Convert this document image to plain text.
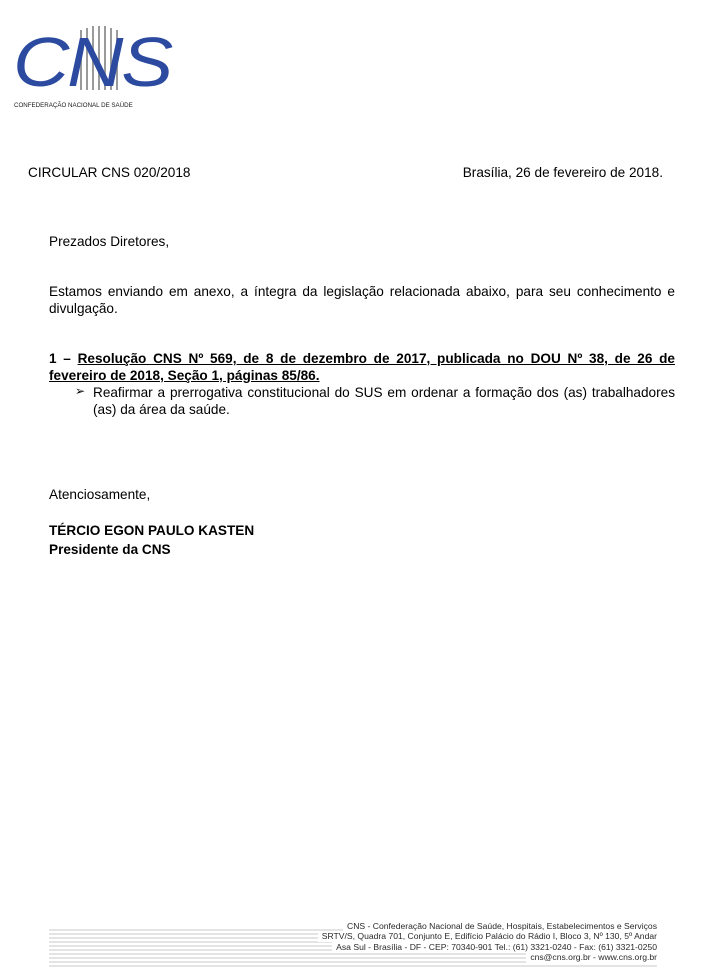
CNS
CONFEDERAÇÃO NACIONAL DE SAÚDE
CIRCULAR CNS 020/2018	Brasília, 26 de fevereiro de 2018.
Prezados Diretores,
Estamos enviando em anexo, a íntegra da legislação relacionada abaixo, para seu conhecimento e divulgação.
1 – Resolução CNS Nº 569, de 8 de dezembro de 2017, publicada no DOU Nº 38, de 26 de fevereiro de 2018, Seção 1, páginas 85/86.
➢ Reafirmar a prerrogativa constitucional do SUS em ordenar a formação dos (as) trabalhadores (as) da área da saúde.
Atenciosamente,
TÉRCIO EGON PAULO KASTEN
Presidente da CNS
CNS - Confederação Nacional de Saúde, Hospitais, Estabelecimentos e Serviços
SRTV/S, Quadra 701, Conjunto E, Edifício Palácio do Rádio I, Bloco 3, Nº 130, 5º Andar
Asa Sul - Brasília - DF - CEP: 70340-901 Tel.: (61) 3321-0240 - Fax: (61) 3321-0250
cns@cns.org.br - www.cns.org.br
